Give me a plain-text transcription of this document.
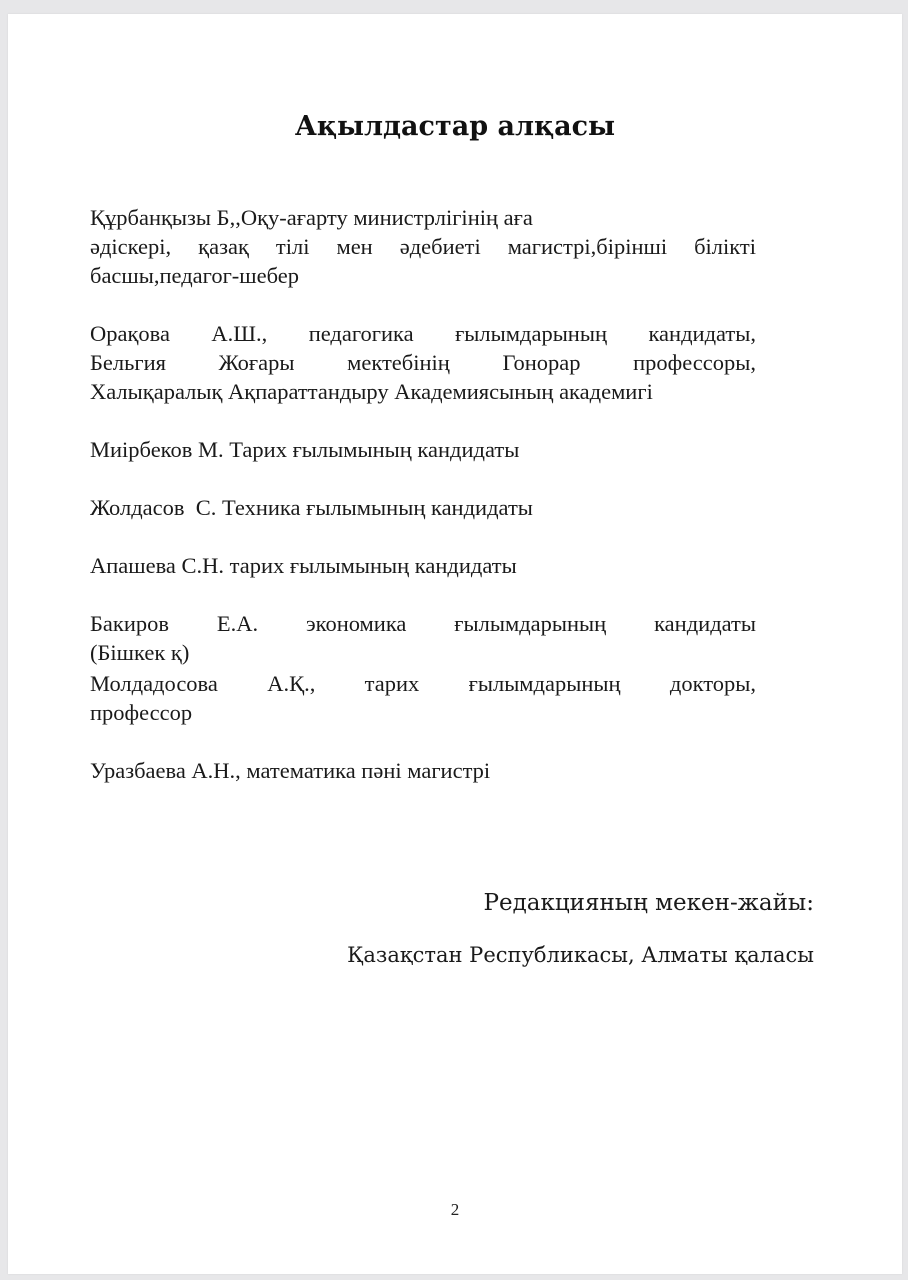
Ақылдастар алқасы
Құрбанқызы Б,,Оқу-ағарту министрлігінің аға
әдіскері, қазақ тілі мен әдебиеті магистрі,бірінші білікті
басшы,педагог-шебер
Орақова А.Ш., педагогика ғылымдарының кандидаты,
Бельгия Жоғары мектебінің Гонорар профессоры,
Халықаралық Ақпараттандыру Академиясының академигі
Миірбеков М. Тарих ғылымының кандидаты
Жолдасов  С. Техника ғылымының кандидаты
Апашева С.Н. тарих ғылымының кандидаты
Бакиров Е.А. экономика ғылымдарының кандидаты
(Бішкек қ)
Молдадосова А.Қ., тарих ғылымдарының докторы,
профессор
Уразбаева А.Н., математика пәні магистрі
Редакцияның мекен-жайы:
Қазақстан Республикасы, Алматы қаласы
2
